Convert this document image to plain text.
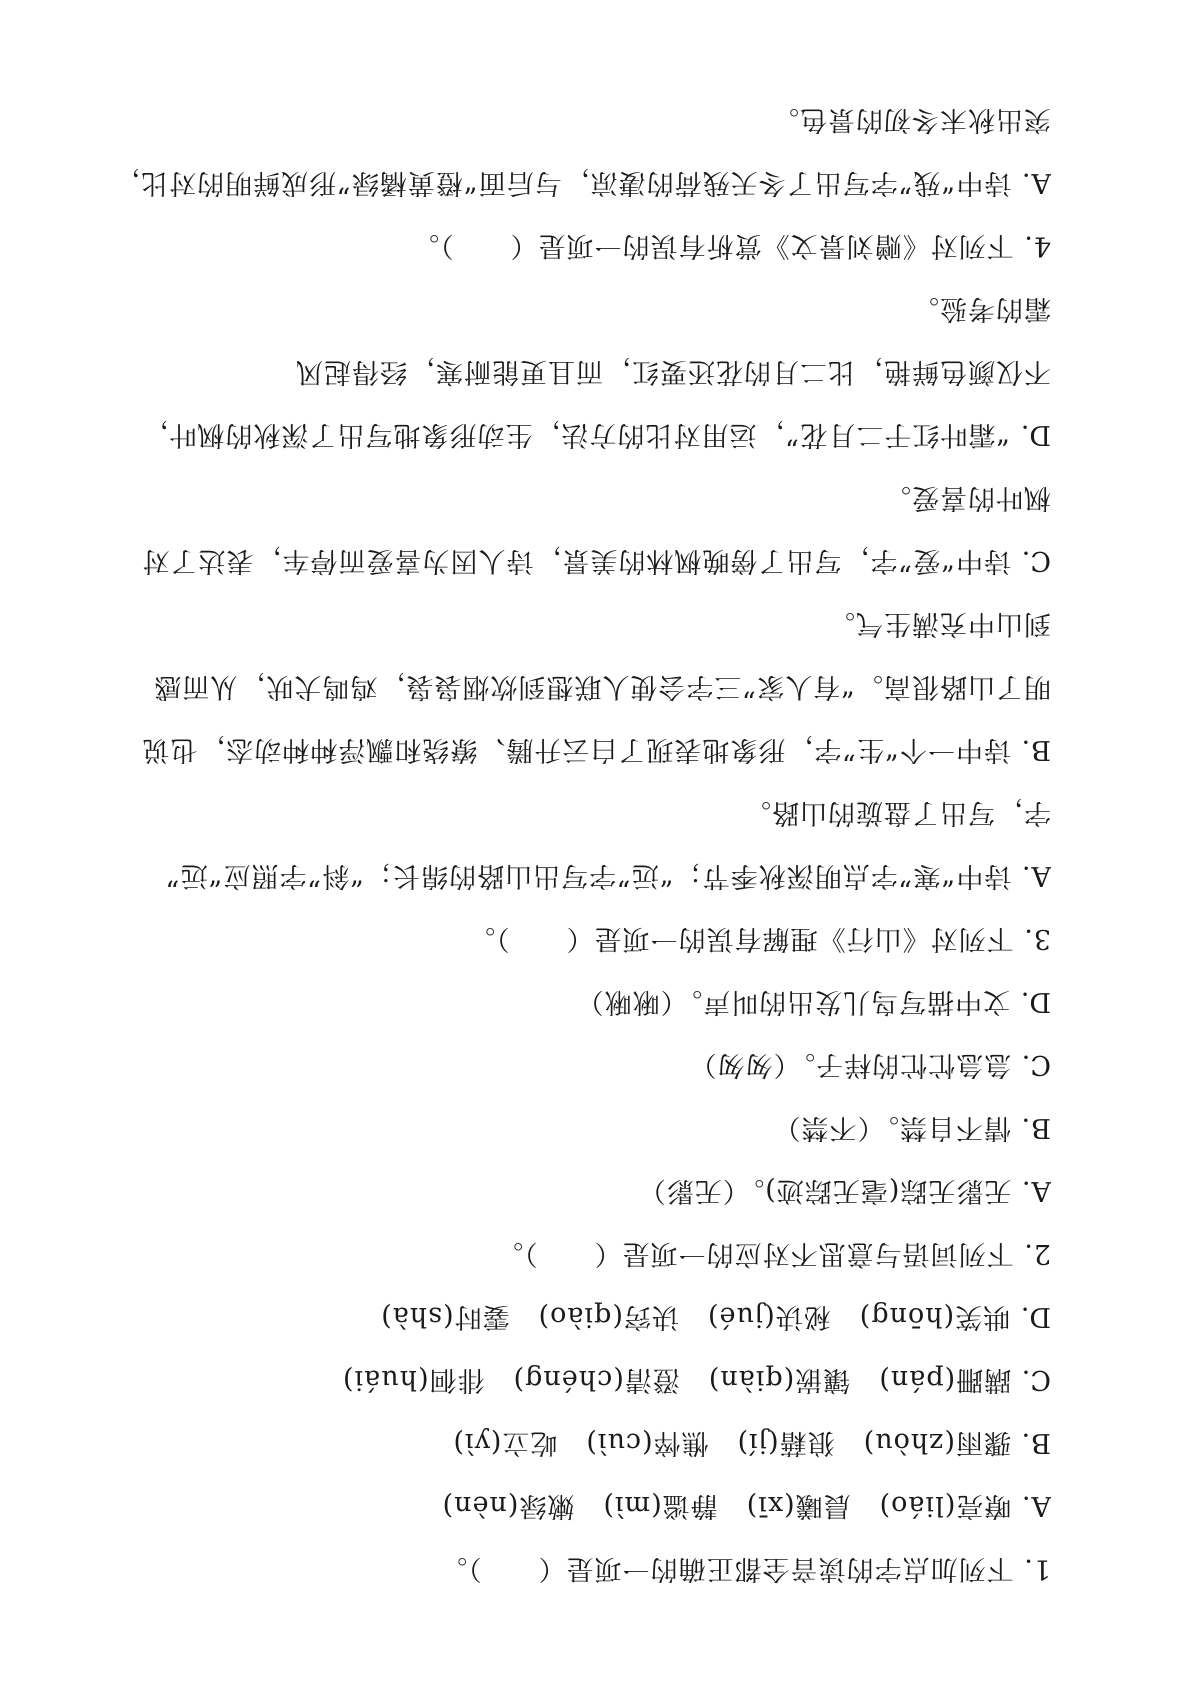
1. 下列加点字的读音全都正确的一项是（　　）。
A. 嘹亮(liáo)　晨曦(xī)　静谧(mì)　嫩绿(nèn)
B. 骤雨(zhòu)　狼藉(jí)　憔悴(cuì)　屹立(yì)
C. 蹒跚(pán)　镶嵌(qiàn)　澄清(chéng)　徘徊(huái)
D. 哄笑(hōng)　秘诀(jué)　诀窍(qiào)　霎时(shà)
2. 下列词语与意思不对应的一项是（　　）。
A. 无影无踪(毫无踪迹)。（无影）
B. 情不自禁。（不禁）
C. 急急忙忙的样子。（匆匆）
D. 文中描写鸟儿发出的叫声。（啾啾）
3. 下列对《山行》理解有误的一项是（　　）。
A. 诗中“寒”字点明深秋季节；“远”字写出山路的绵长；“斜”字照应“远”
字，写出了盘旋的山路。
B. 诗中一个“生”字，形象地表现了白云升腾、缭绕和飘浮种种动态，也说
明了山路很高。“有人家”三字会使人联想到炊烟袅袅，鸡鸣犬吠，从而感
到山中充满生气。
C. 诗中“爱”字，写出了傍晚枫林的美景，诗人因为喜爱而停车，表达了对
枫叶的喜爱。
D. “霜叶红于二月花”，运用对比的方法，生动形象地写出了深秋的枫叶，
不仅颜色鲜艳，比二月的花还要红，而且更能耐寒，经得起风
霜的考验。
4. 下列对《赠刘景文》赏析有误的一项是（　　）。
A. 诗中“残”字写出了冬天残荷的凄凉，与后面“橙黄橘绿”形成鲜明的对比，
突出秋末冬初的景色。
